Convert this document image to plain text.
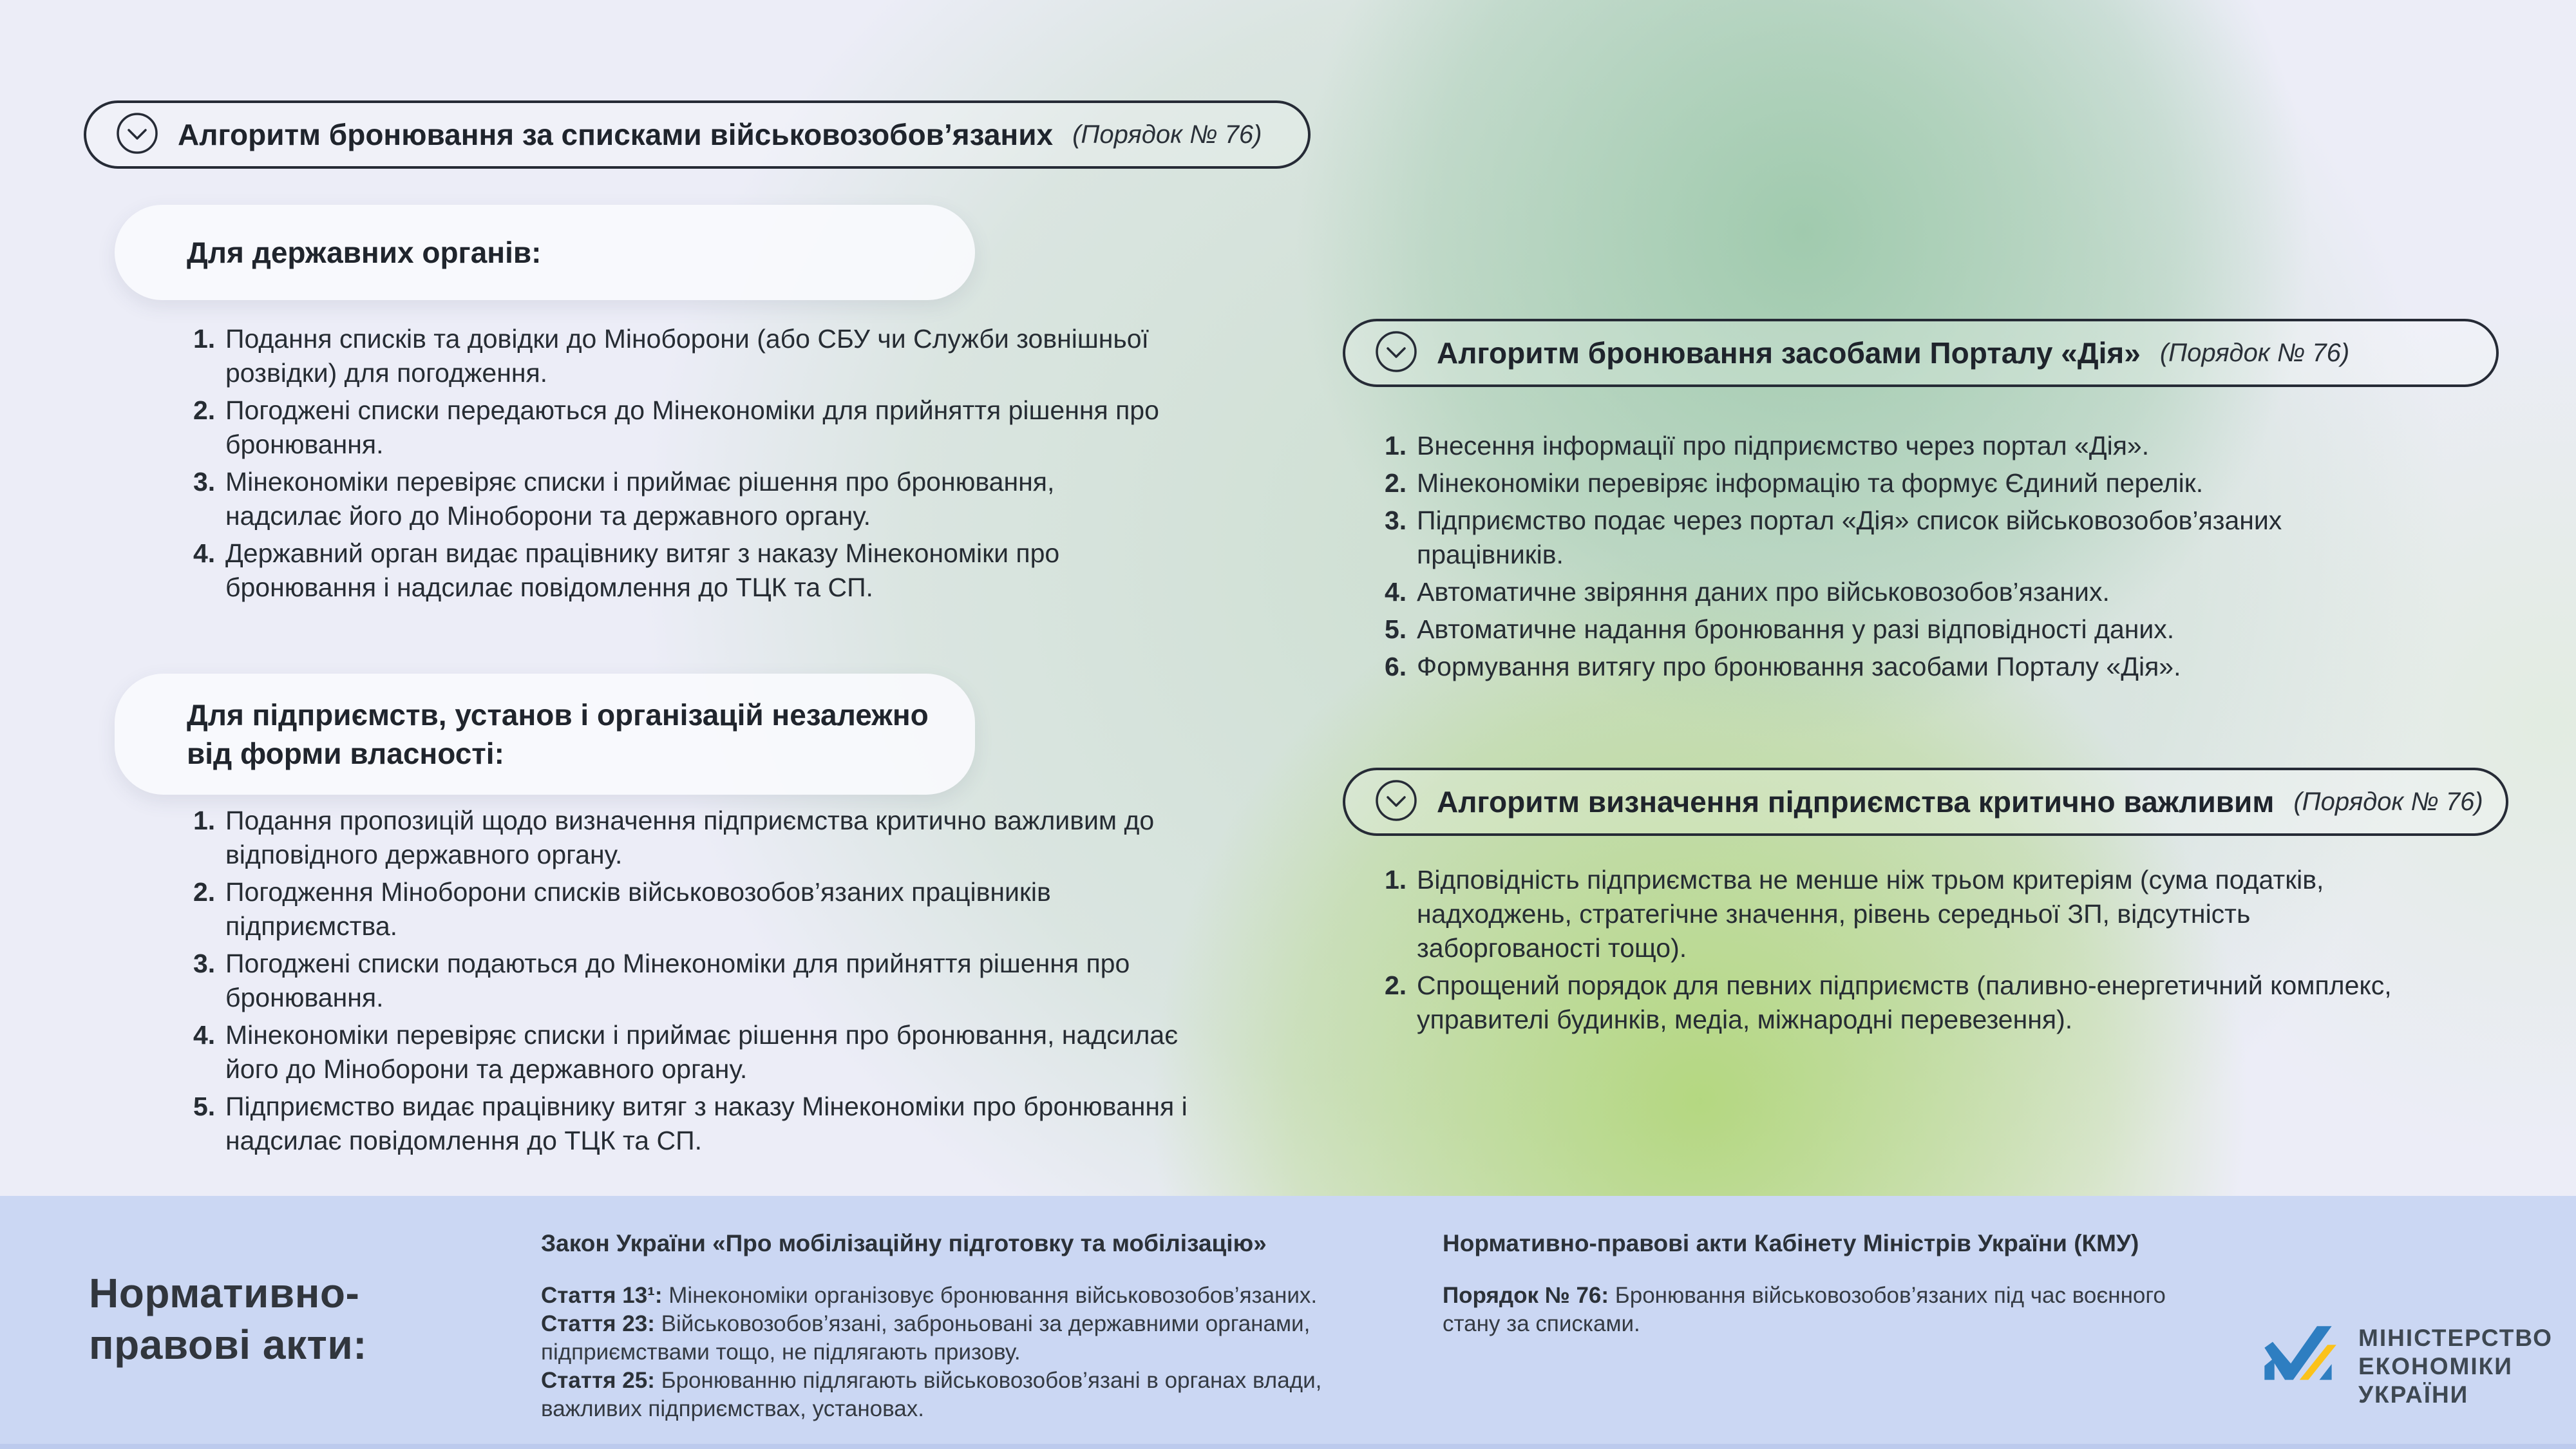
Алгоритм бронювання за списками військовозобов’язаних (Порядок № 76)
Для державних органів:
1. Подання списків та довідки до Міноборони (або СБУ чи Служби зовнішньої розвідки) для погодження.
2. Погоджені списки передаються до Мінекономіки для прийняття рішення про бронювання.
3. Мінекономіки перевіряє списки і приймає рішення про бронювання, надсилає його до Міноборони та державного органу.
4. Державний орган видає працівнику витяг з наказу Мінекономіки про бронювання і надсилає повідомлення до ТЦК та СП.
Для підприємств, установ і організацій незалежно від форми власності:
1. Подання пропозицій щодо визначення підприємства критично важливим до відповідного державного органу.
2. Погодження Міноборони списків військовозобов’язаних працівників підприємства.
3. Погоджені списки подаються до Мінекономіки для прийняття рішення про бронювання.
4. Мінекономіки перевіряє списки і приймає рішення про бронювання, надсилає його до Міноборони та державного органу.
5. Підприємство видає працівнику витяг з наказу Мінекономіки про бронювання і надсилає повідомлення до ТЦК та СП.
Алгоритм бронювання засобами Порталу «Дія» (Порядок № 76)
1. Внесення інформації про підприємство через портал «Дія».
2. Мінекономіки перевіряє інформацію та формує Єдиний перелік.
3. Підприємство подає через портал «Дія» список військовозобов’язаних працівників.
4. Автоматичне звіряння даних про військовозобов’язаних.
5. Автоматичне надання бронювання у разі відповідності даних.
6. Формування витягу про бронювання засобами Порталу «Дія».
Алгоритм визначення підприємства критично важливим (Порядок № 76)
1. Відповідність підприємства не менше ніж трьом критеріям (сума податків, надходжень, стратегічне значення, рівень середньої ЗП, відсутність заборгованості тощо).
2. Спрощений порядок для певних підприємств (паливно-енергетичний комплекс, управителі будинків, медіа, міжнародні перевезення).
Нормативно-
правові акти:
Закон України «Про мобілізаційну підготовку та мобілізацію»

Стаття 13¹: Мінекономіки організовує бронювання військовозобов’язаних.

Стаття 23: Військовозобов’язані, заброньовані за державними органами, підприємствами тощо, не підлягають призову.

Стаття 25: Бронюванню підлягають військовозобов’язані в органах влади, важливих підприємствах, установах.

Нормативно-правові акти Кабінету Міністрів України (КМУ)

Порядок № 76: Бронювання військовозобов’язаних під час воєнного стану за списками.

МІНІСТЕРСТВО
ЕКОНОМІКИ
УКРАЇНИ
